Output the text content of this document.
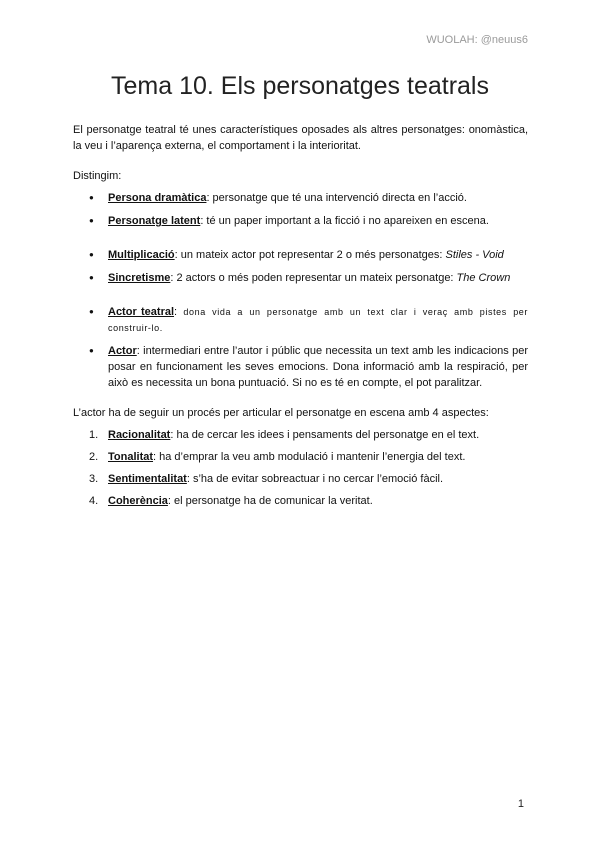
WUOLAH: @neuus6
Tema 10. Els personatges teatrals

El personatge teatral té unes característiques oposades als altres personatges: onomàstica, la veu i l’aparença externa, el comportament i la interioritat.

Distingim:

● Persona dramàtica: personatge que té una intervenció directa en l’acció.
● Personatge latent: té un paper important a la ficció i no apareixen en escena.
● Multiplicació: un mateix actor pot representar 2 o més personatges: Stiles - Void
● Sincretisme: 2 actors o més poden representar un mateix personatge: The Crown
● Actor teatral: dona vida a un personatge amb un text clar i veraç amb pistes per construir-lo.
● Actor: intermediari entre l’autor i públic que necessita un text amb les indicacions per posar en funcionament les seves emocions. Dona informació amb la respiració, per això es necessita un bona puntuació. Si no es té en compte, el pot paralitzar.

L’actor ha de seguir un procés per articular el personatge en escena amb 4 aspectes:

1. Racionalitat: ha de cercar les idees i pensaments del personatge en el text.
2. Tonalitat: ha d’emprar la veu amb modulació i mantenir l’energia del text.
3. Sentimentalitat: s’ha de evitar sobreactuar i no cercar l’emoció fàcil.
4. Coherència: el personatge ha de comunicar la veritat.
1
